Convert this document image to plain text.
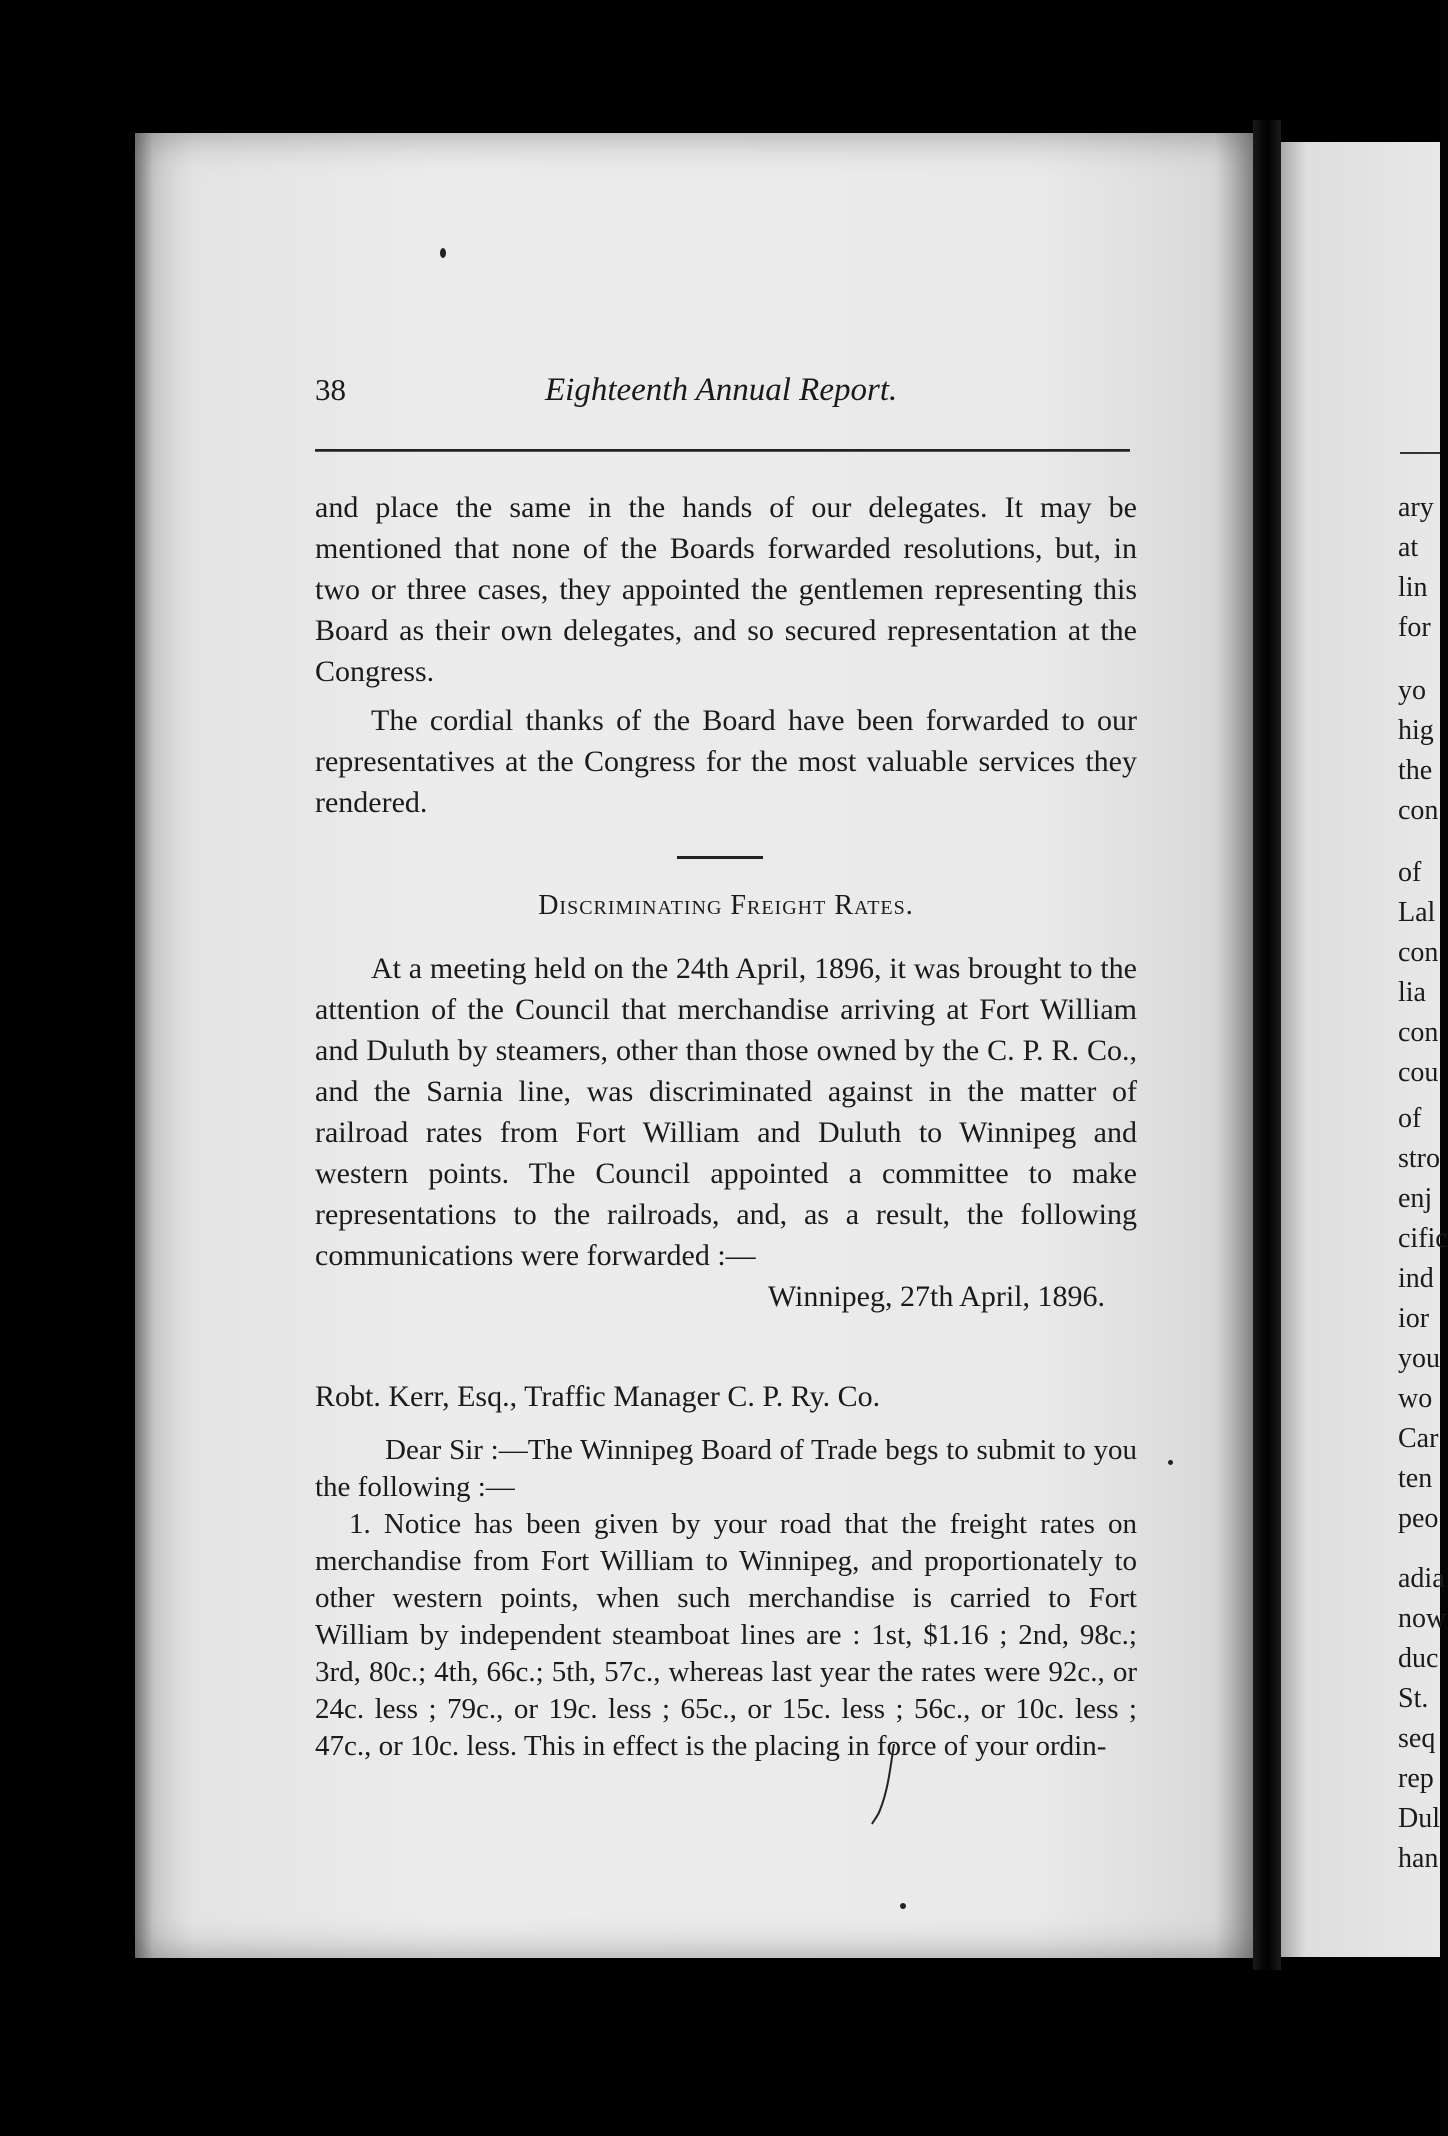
38	Eighteenth Annual Report.

and place the same in the hands of our delegates. It may be mentioned that none of the Boards forwarded resolutions, but, in two or three cases, they appointed the gentlemen representing this Board as their own delegates, and so secured representation at the Congress.

The cordial thanks of the Board have been forwarded to our representatives at the Congress for the most valuable services they rendered.

Discriminating Freight Rates.

At a meeting held on the 24th April, 1896, it was brought to the attention of the Council that merchandise arriving at Fort William and Duluth by steamers, other than those owned by the C. P. R. Co., and the Sarnia line, was discriminated against in the matter of railroad rates from Fort William and Duluth to Winnipeg and western points. The Council appointed a committee to make representations to the railroads, and, as a result, the following communications were forwarded :—

Winnipeg, 27th April, 1896.
Robt. Kerr, Esq., Traffic Manager C. P. Ry. Co.

Dear Sir :—The Winnipeg Board of Trade begs to submit to you the following :—

1. Notice has been given by your road that the freight rates on merchandise from Fort William to Winnipeg, and proportionately to other western points, when such merchandise is carried to Fort William by independent steamboat lines are : 1st, $1.16 ; 2nd, 98c.; 3rd, 80c.; 4th, 66c.; 5th, 57c., whereas last year the rates were 92c., or 24c. less ; 79c., or 19c. less ; 65c., or 15c. less ; 56c., or 10c. less ; 47c., or 10c. less. This in effect is the placing in force of your ordin-

ary
at
lin
for
yo
hig
the
con
of
Lal
con
lia
con
cou
of
stro
enj
cific
ind
ior
you
wo
Car
ten
peo
adia
now
duc
St.
seq
rep
Dul
han
